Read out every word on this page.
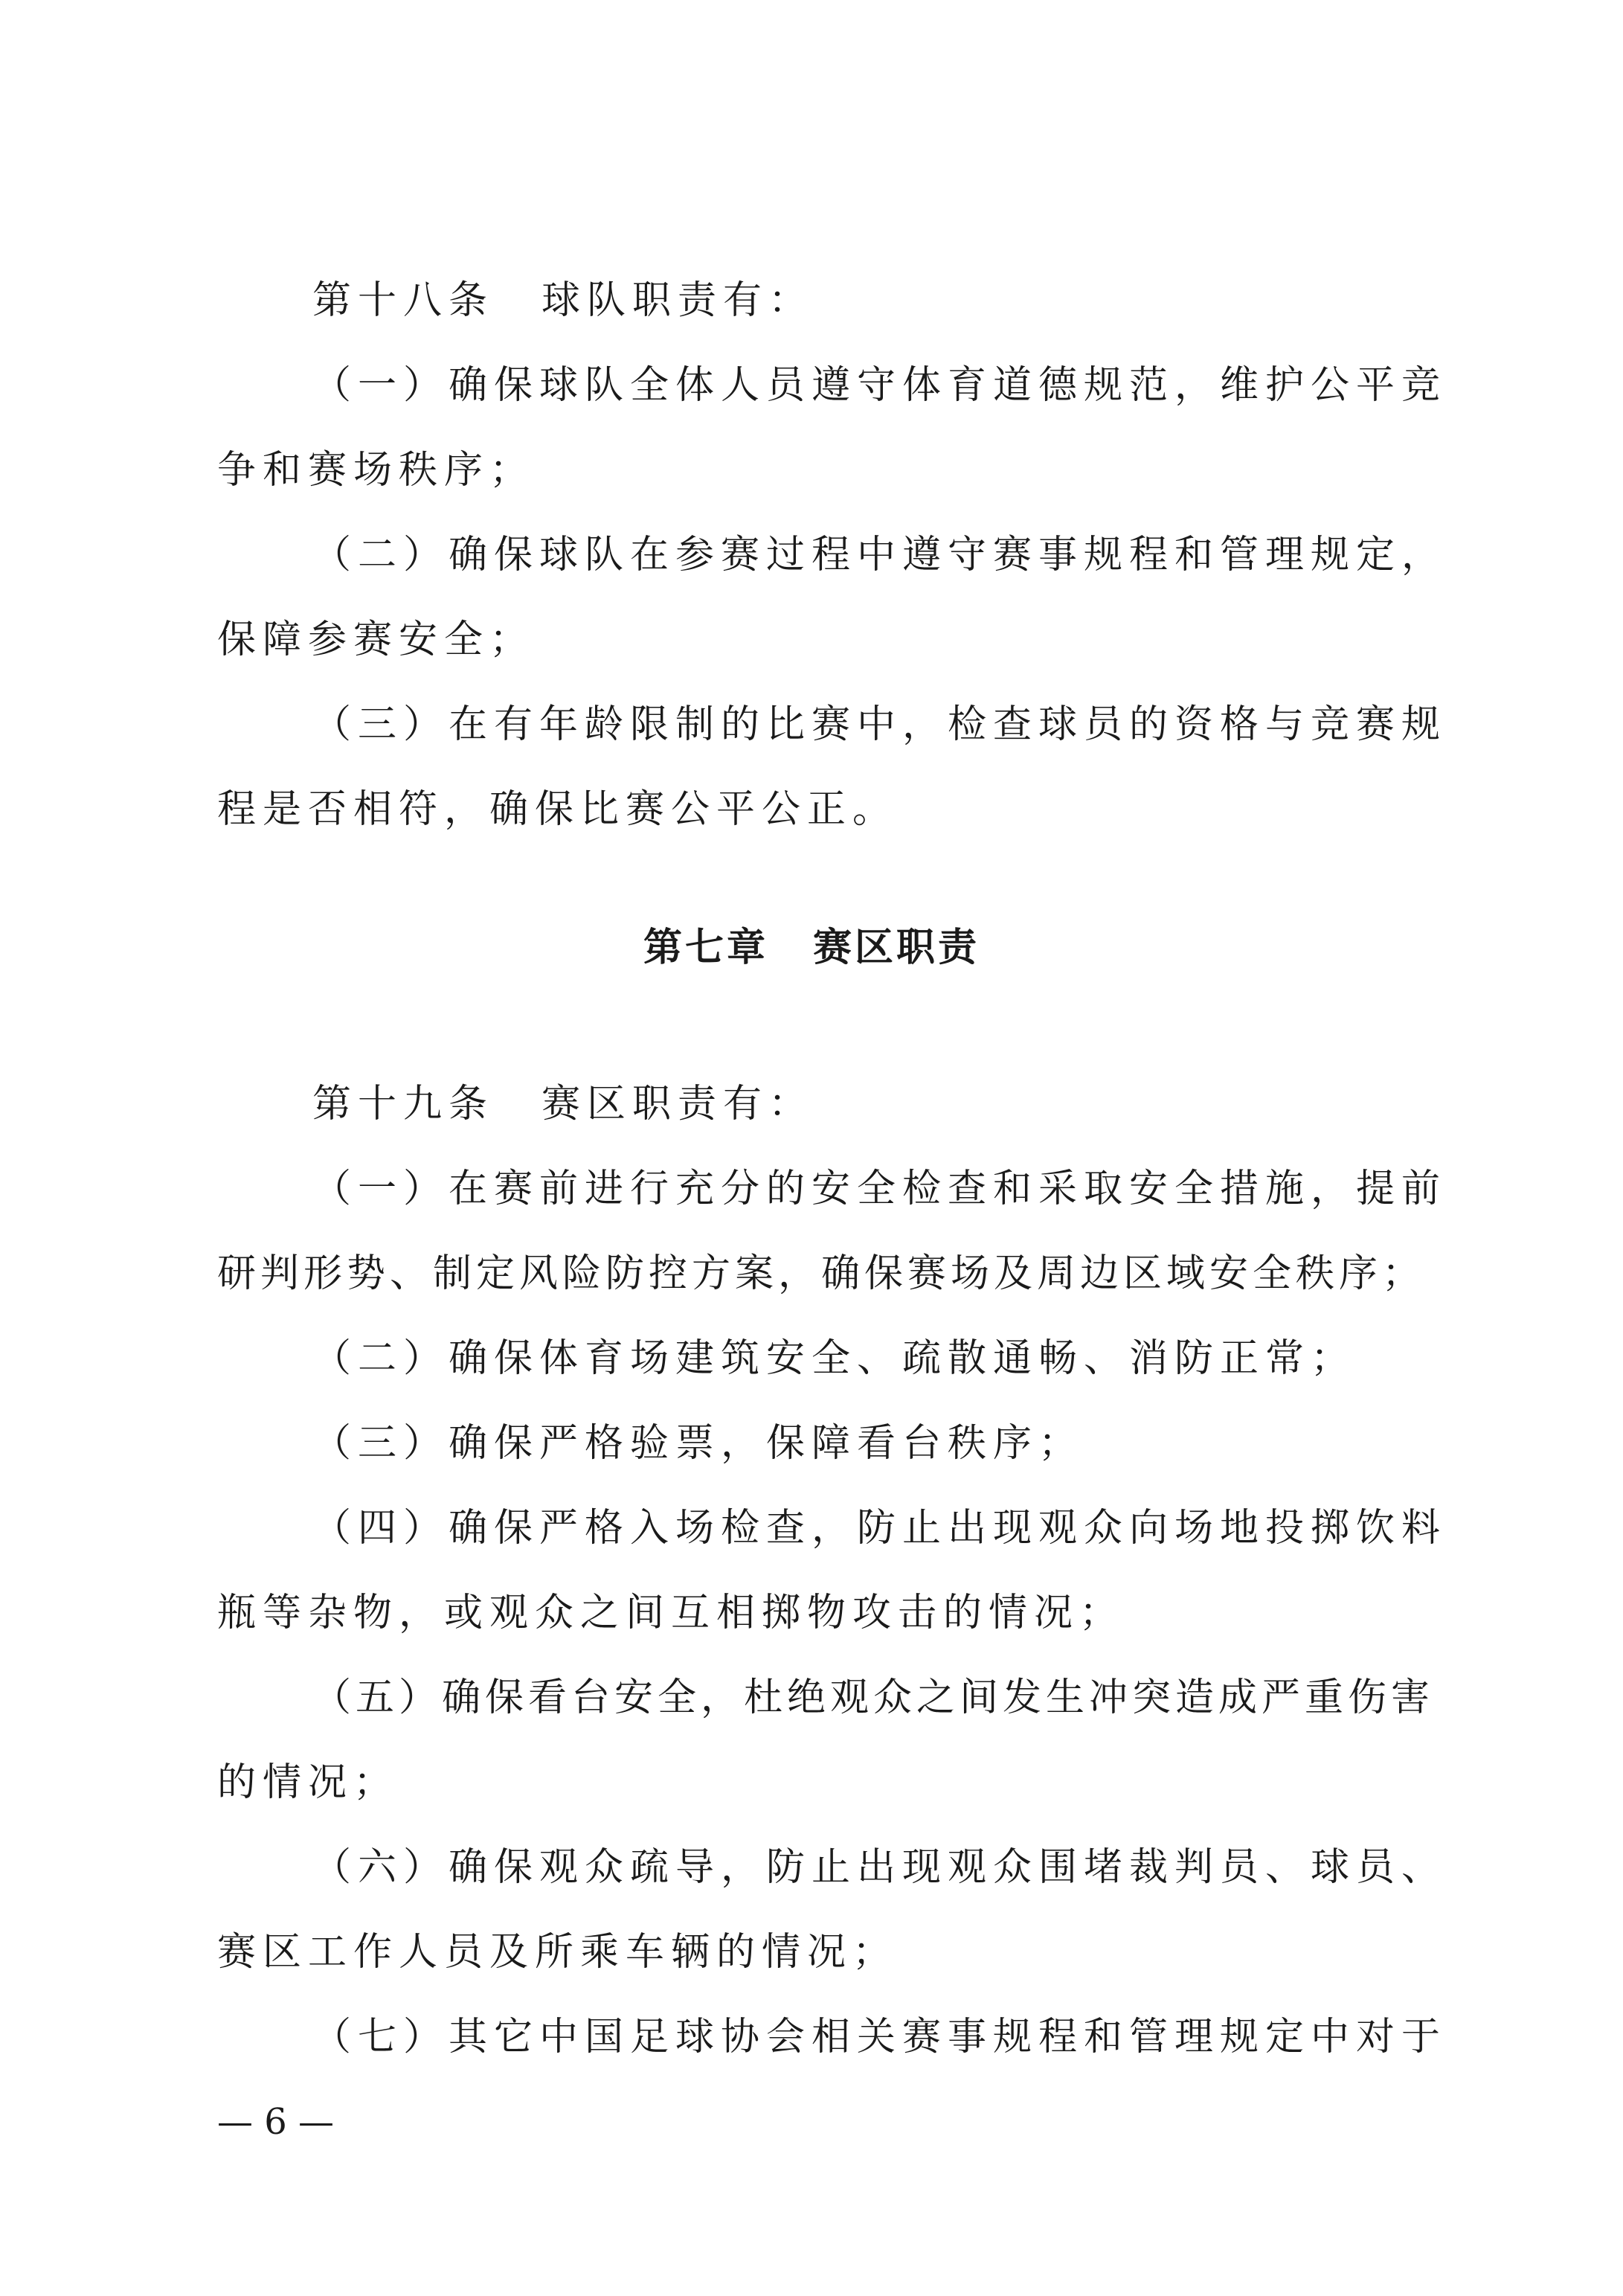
第十八条 球队职责有：
（一）确保球队全体人员遵守体育道德规范，维护公平竞
争和赛场秩序；
（二）确保球队在参赛过程中遵守赛事规程和管理规定，
保障参赛安全；
（三）在有年龄限制的比赛中，检查球员的资格与竞赛规
程是否相符，确保比赛公平公正。
第七章 赛区职责
第十九条 赛区职责有：
（一）在赛前进行充分的安全检查和采取安全措施，提前
研判形势、制定风险防控方案，确保赛场及周边区域安全秩序；
（二）确保体育场建筑安全、疏散通畅、消防正常；
（三）确保严格验票，保障看台秩序；
（四）确保严格入场检查，防止出现观众向场地投掷饮料
瓶等杂物，或观众之间互相掷物攻击的情况；
（五）确保看台安全，杜绝观众之间发生冲突造成严重伤害
的情况；
（六）确保观众疏导，防止出现观众围堵裁判员、球员、
赛区工作人员及所乘车辆的情况；
（七）其它中国足球协会相关赛事规程和管理规定中对于
— 6 —
